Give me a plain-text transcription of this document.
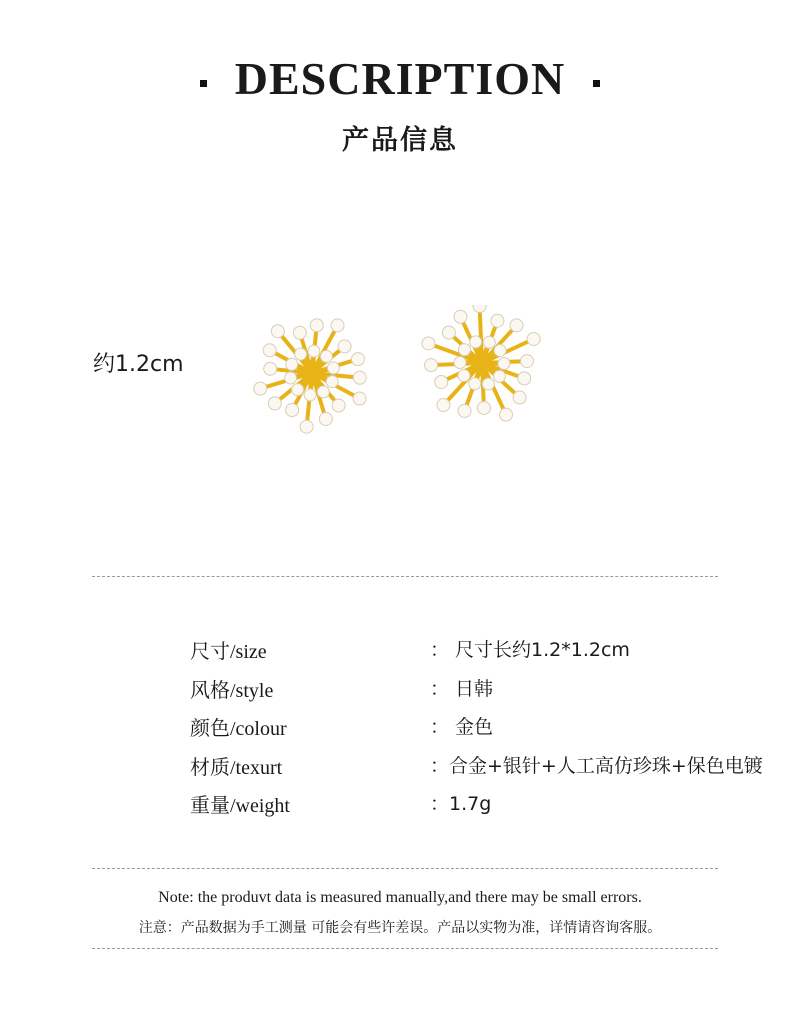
DESCRIPTION
产品信息
约1.2cm
尺寸/size	： 尺寸长约1.2*1.2cm
风格/style	： 日韩
颜色/colour	： 金色
材质/texurt	：合金+银针+人工高仿珍珠+保色电镀
重量/weight	：1.7g
Note: the produvt data is measured manually,and there may be small errors.
注意：产品数据为手工测量 可能会有些许差误。产品以实物为准，详情请咨询客服。
